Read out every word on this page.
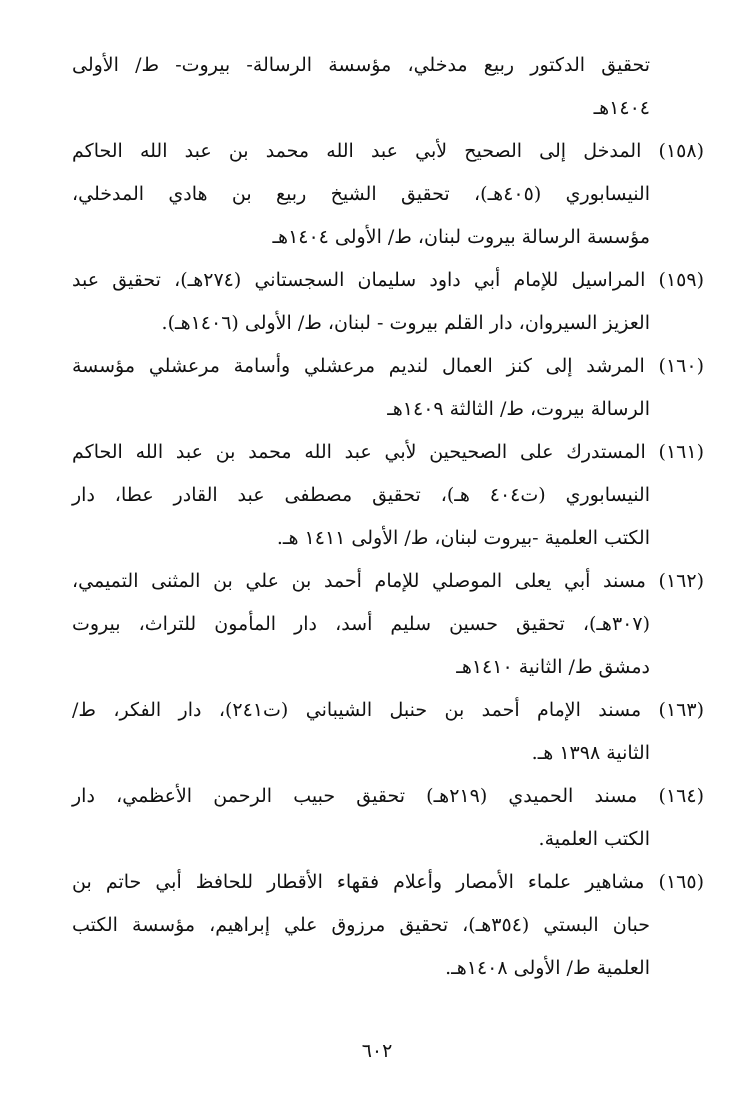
تحقيق الدكتور ربيع مدخلي، مؤسسة الرسالة- بيروت- ط/ الأولى
١٤٠٤هـ
(١٥٨) المدخل إلى الصحيح لأبي عبد الله محمد بن عبد الله الحاكم
النيسابوري (٤٠٥هـ)، تحقيق الشيخ ربيع بن هادي المدخلي،
مؤسسة الرسالة بيروت لبنان، ط/ الأولى ١٤٠٤هـ
(١٥٩) المراسيل للإمام أبي داود سليمان السجستاني (٢٧٤هـ)، تحقيق عبد
العزيز السيروان، دار القلم بيروت - لبنان، ط/ الأولى (١٤٠٦هـ).
(١٦٠) المرشد إلى كنز العمال لنديم مرعشلي وأسامة مرعشلي مؤسسة
الرسالة بيروت، ط/ الثالثة ١٤٠٩هـ
(١٦١) المستدرك على الصحيحين لأبي عبد الله محمد بن عبد الله الحاكم
النيسابوري (ت٤٠٤ هـ)، تحقيق مصطفى عبد القادر عطا، دار
الكتب العلمية -بيروت لبنان، ط/ الأولى ١٤١١ هـ.
(١٦٢) مسند أبي يعلى الموصلي للإمام أحمد بن علي بن المثنى التميمي،
(٣٠٧هـ)، تحقيق حسين سليم أسد، دار المأمون للتراث، بيروت
دمشق ط/ الثانية ١٤١٠هـ
(١٦٣) مسند الإمام أحمد بن حنبل الشيباني (ت٢٤١)، دار الفكر، ط/
الثانية ١٣٩٨ هـ.
(١٦٤) مسند الحميدي (٢١٩هـ) تحقيق حبيب الرحمن الأعظمي، دار
الكتب العلمية.
(١٦٥) مشاهير علماء الأمصار وأعلام فقهاء الأقطار للحافظ أبي حاتم بن
حبان البستي (٣٥٤هـ)، تحقيق مرزوق علي إبراهيم، مؤسسة الكتب
العلمية ط/ الأولى ١٤٠٨هـ.
٦٠٢
